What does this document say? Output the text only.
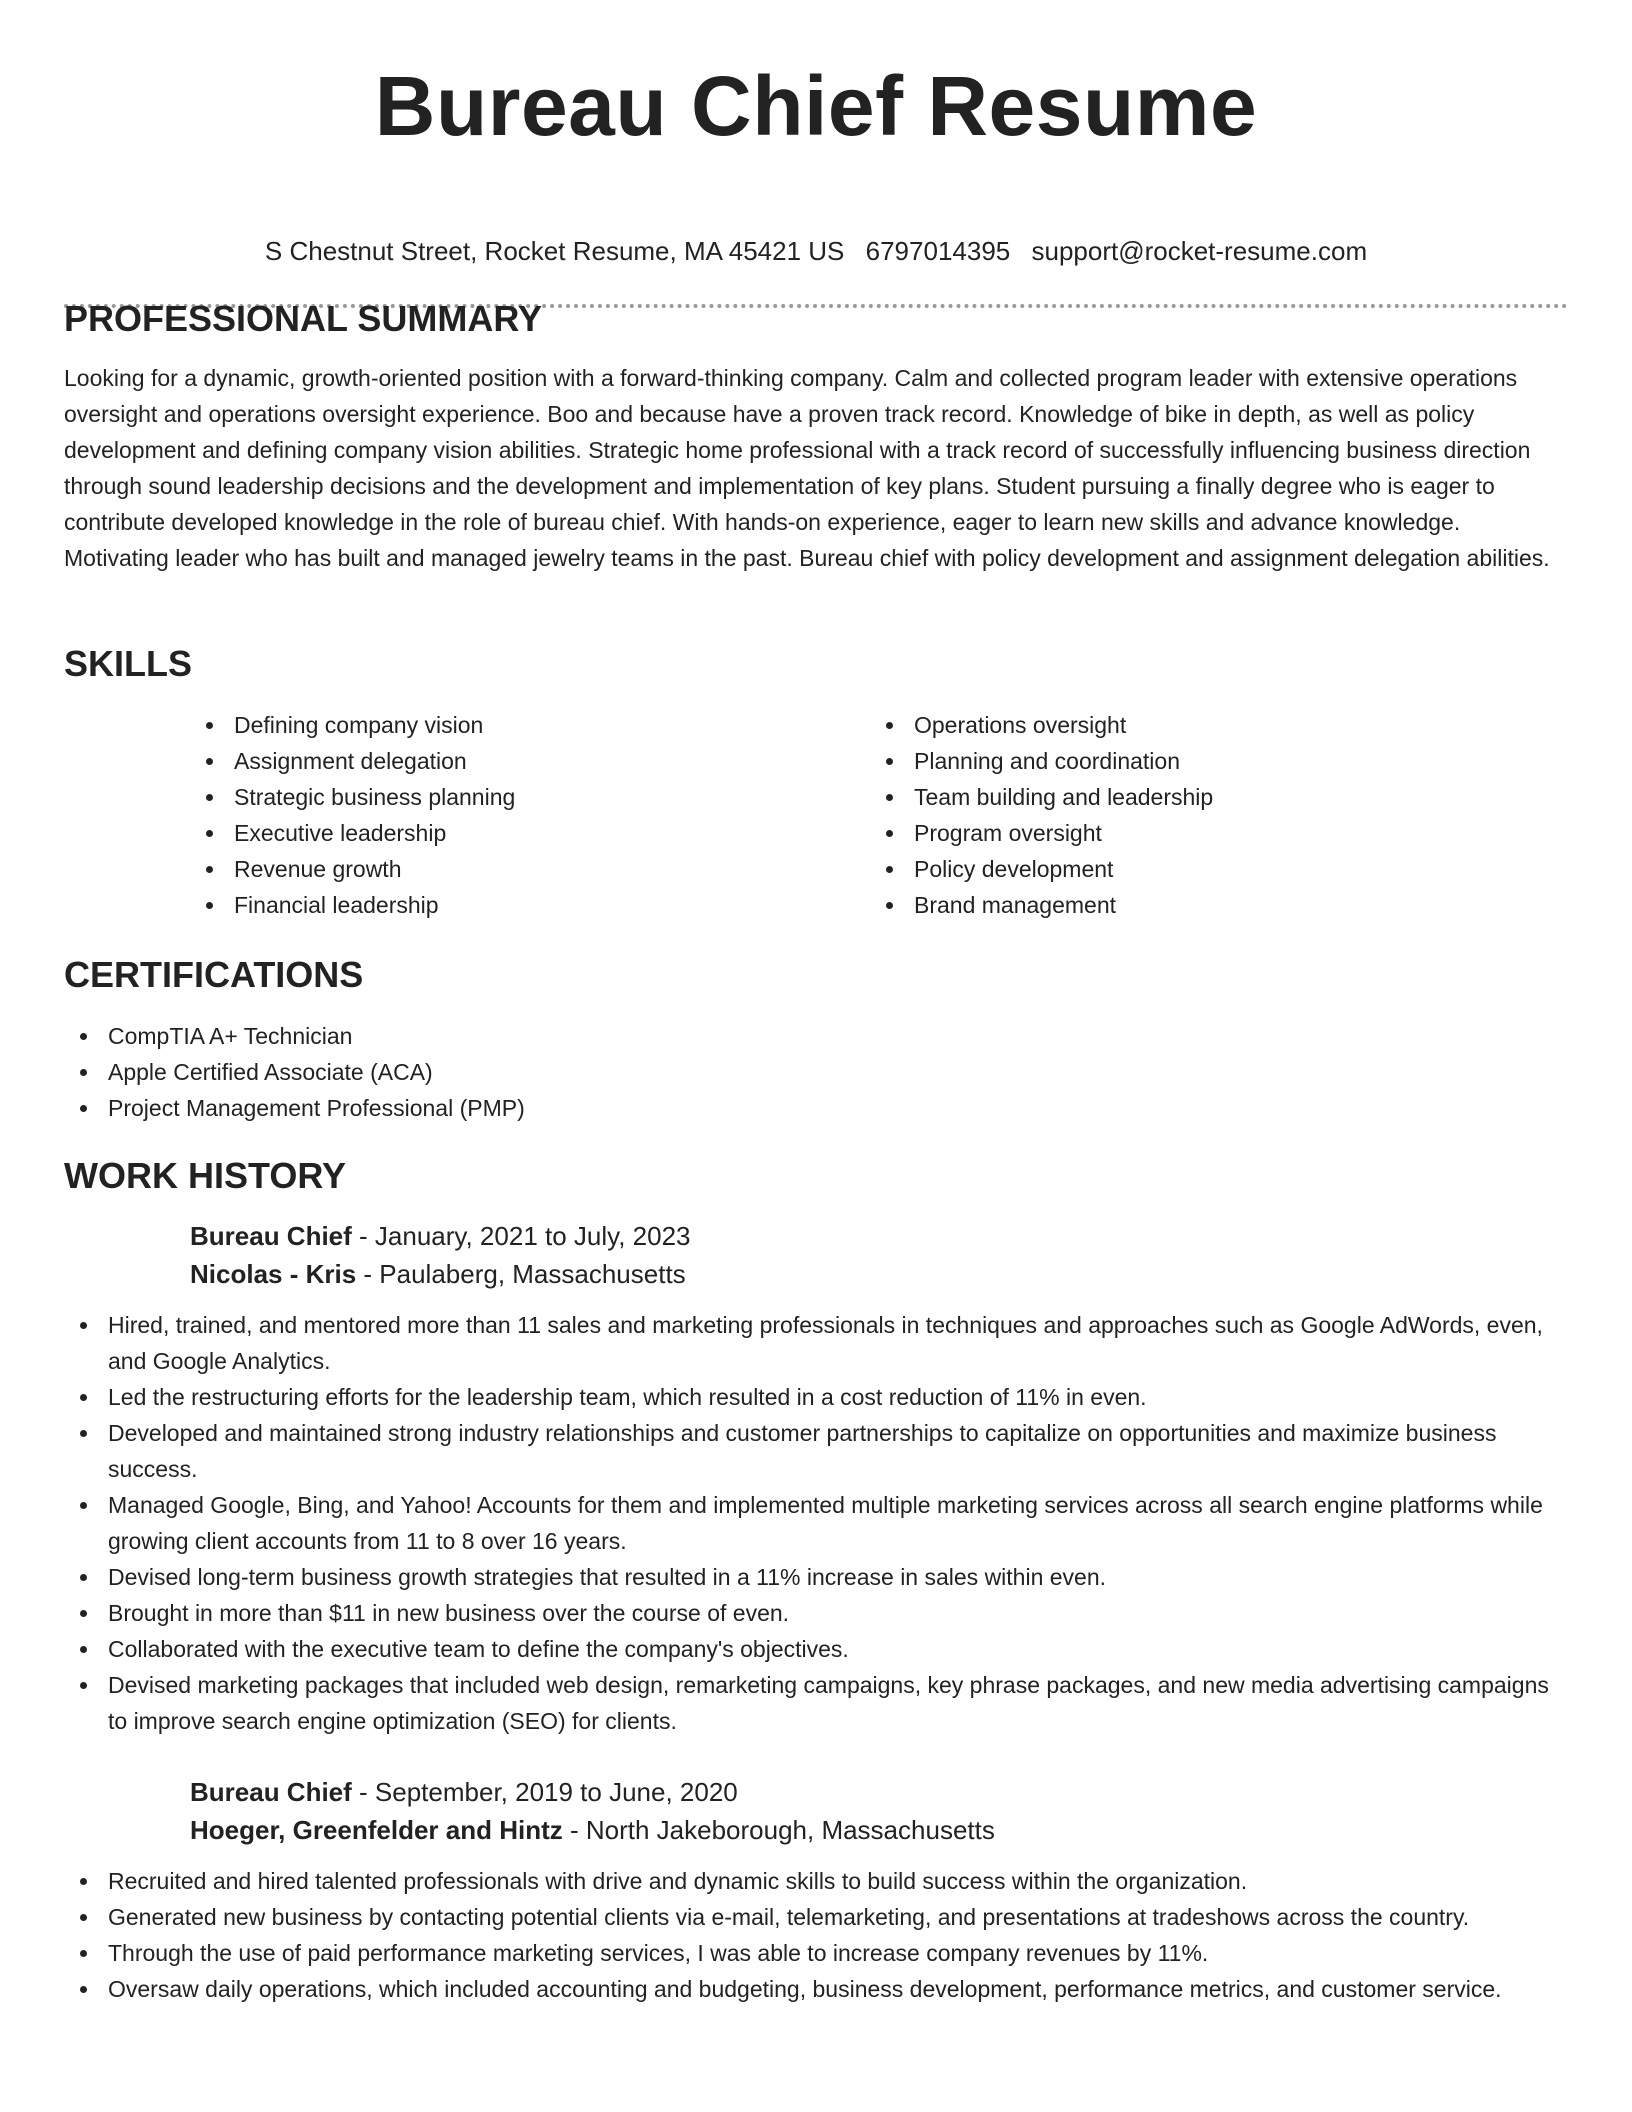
Bureau Chief Resume
S Chestnut Street, Rocket Resume, MA 45421 US 6797014395 support@rocket-resume.com
PROFESSIONAL SUMMARY

Looking for a dynamic, growth-oriented position with a forward-thinking company. Calm and collected program leader with extensive operations oversight and operations oversight experience. Boo and because have a proven track record. Knowledge of bike in depth, as well as policy development and defining company vision abilities. Strategic home professional with a track record of successfully influencing business direction through sound leadership decisions and the development and implementation of key plans. Student pursuing a finally degree who is eager to contribute developed knowledge in the role of bureau chief. With hands-on experience, eager to learn new skills and advance knowledge. Motivating leader who has built and managed jewelry teams in the past. Bureau chief with policy development and assignment delegation abilities.

SKILLS
Defining company vision
Assignment delegation
Strategic business planning
Executive leadership
Revenue growth
Financial leadership
Operations oversight
Planning and coordination
Team building and leadership
Program oversight
Policy development
Brand management
CERTIFICATIONS
CompTIA A+ Technician
Apple Certified Associate (ACA)
Project Management Professional (PMP)
WORK HISTORY
Bureau Chief - January, 2021 to July, 2023
Nicolas - Kris - Paulaberg, Massachusetts
Hired, trained, and mentored more than 11 sales and marketing professionals in techniques and approaches such as Google AdWords, even, and Google Analytics.
Led the restructuring efforts for the leadership team, which resulted in a cost reduction of 11% in even.
Developed and maintained strong industry relationships and customer partnerships to capitalize on opportunities and maximize business success.
Managed Google, Bing, and Yahoo! Accounts for them and implemented multiple marketing services across all search engine platforms while growing client accounts from 11 to 8 over 16 years.
Devised long-term business growth strategies that resulted in a 11% increase in sales within even.
Brought in more than $11 in new business over the course of even.
Collaborated with the executive team to define the company's objectives.
Devised marketing packages that included web design, remarketing campaigns, key phrase packages, and new media advertising campaigns to improve search engine optimization (SEO) for clients.
Bureau Chief - September, 2019 to June, 2020
Hoeger, Greenfelder and Hintz - North Jakeborough, Massachusetts
Recruited and hired talented professionals with drive and dynamic skills to build success within the organization.
Generated new business by contacting potential clients via e-mail, telemarketing, and presentations at tradeshows across the country.
Through the use of paid performance marketing services, I was able to increase company revenues by 11%.
Oversaw daily operations, which included accounting and budgeting, business development, performance metrics, and customer service.
